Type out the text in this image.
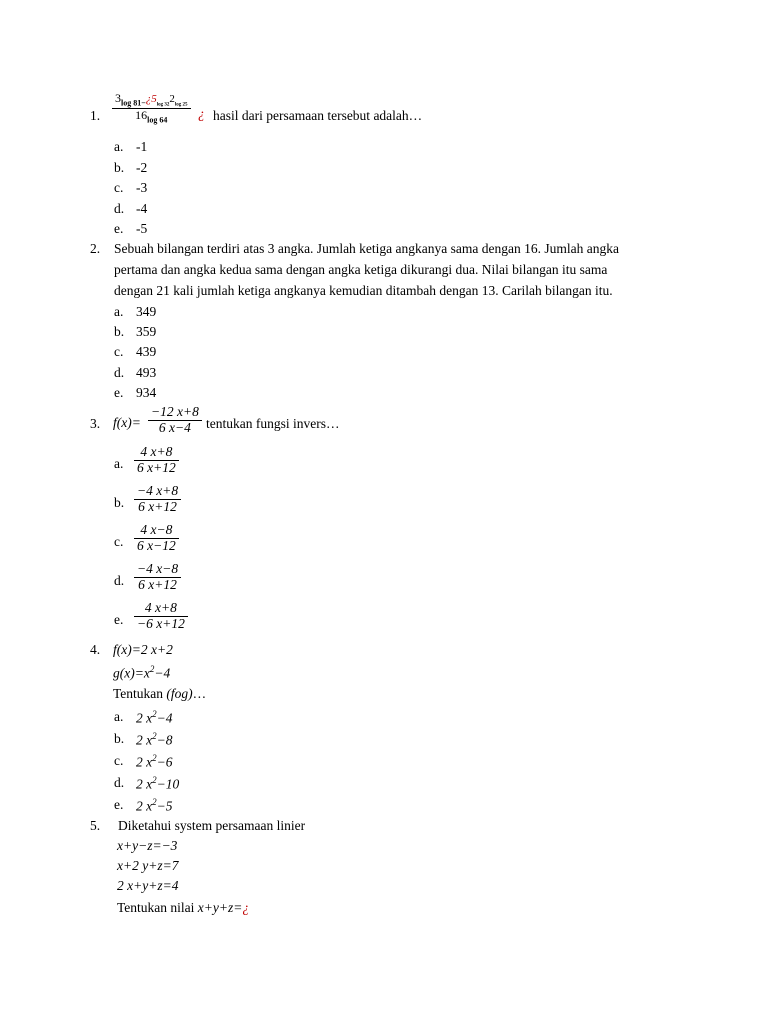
1. $\frac{3_{log 81-}¿5_{log 32}2_{log 25}}{16_{log 64}}$ ¿ hasil dari persamaan tersebut adalah…
a. -1
b. -2
c. -3
d. -4
e. -5
2. Sebuah bilangan terdiri atas 3 angka. Jumlah ketiga angkanya sama dengan 16. Jumlah angka
pertama dan angka kedua sama dengan angka ketiga dikurangi dua. Nilai bilangan itu sama
dengan 21 kali jumlah ketiga angkanya kemudian ditambah dengan 13. Carilah bilangan itu.
a. 349
b. 359
c. 439
d. 493
e. 934
3. $f(x)= \frac{-12 x+8}{6 x-4}$ tentukan fungsi invers…
a. $\frac{4 x+8}{6 x+12}$
b. $\frac{-4 x+8}{6 x+12}$
c. $\frac{4 x-8}{6 x-12}$
d. $\frac{-4 x-8}{6 x+12}$
e. $\frac{4 x+8}{-6 x+12}$
4. f(x)=2 x+2
$g(x)=x^2-4$
Tentukan (fog)…
a. 2 $x^2-4$
b. 2 $x^2-8$
c. 2 $x^2-6$
d. 2 $x^2-10$
e. 2 $x^2-5$
5. Diketahui system persamaan linier
x+y−z=−3
x+2 y+z=7
2 x+y+z=4
Tentukan nilai x+y+z=¿
